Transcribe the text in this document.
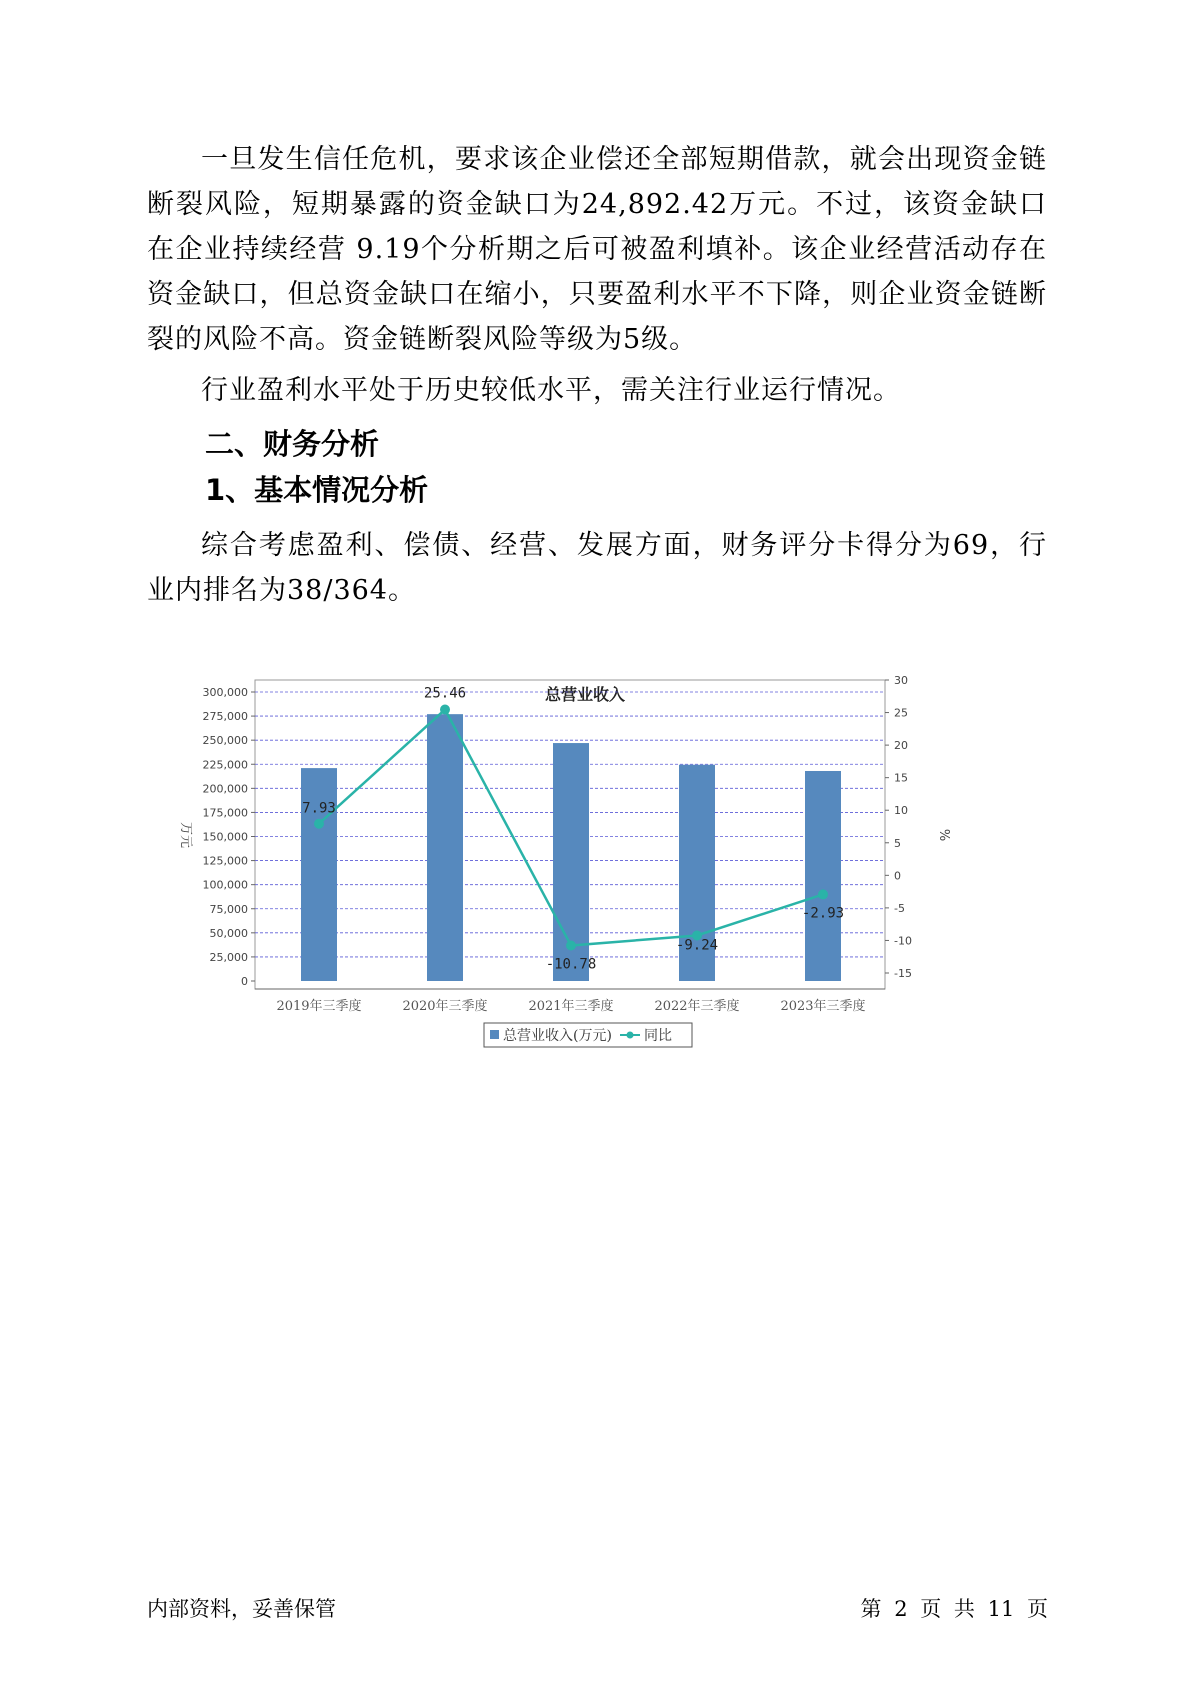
一旦发生信任危机，要求该企业偿还全部短期借款，就会出现资金链断裂风险，短期暴露的资金缺口为24,892.42万元。不过，该资金缺口在企业持续经营 9.19个分析期之后可被盈利填补。该企业经营活动存在资金缺口，但总资金缺口在缩小，只要盈利水平不下降，则企业资金链断裂的风险不高。资金链断裂风险等级为5级。

行业盈利水平处于历史较低水平，需关注行业运行情况。

二、财务分析
1、基本情况分析

综合考虑盈利、偿债、经营、发展方面，财务评分卡得分为69，行业内排名为38/364。

总营业收入
0
25,000
50,000
75,000
100,000
125,000
150,000
175,000
200,000
225,000
250,000
275,000
300,000
-15
-10
-5
0
5
10
15
20
25
30
2019年三季度	2020年三季度	2021年三季度	2022年三季度	2023年三季度
7.93
25.46
-10.78
-9.24
-2.93
万元	%
总营业收入(万元) 同比
内部资料，妥善保管	第 2 页 共 11 页
